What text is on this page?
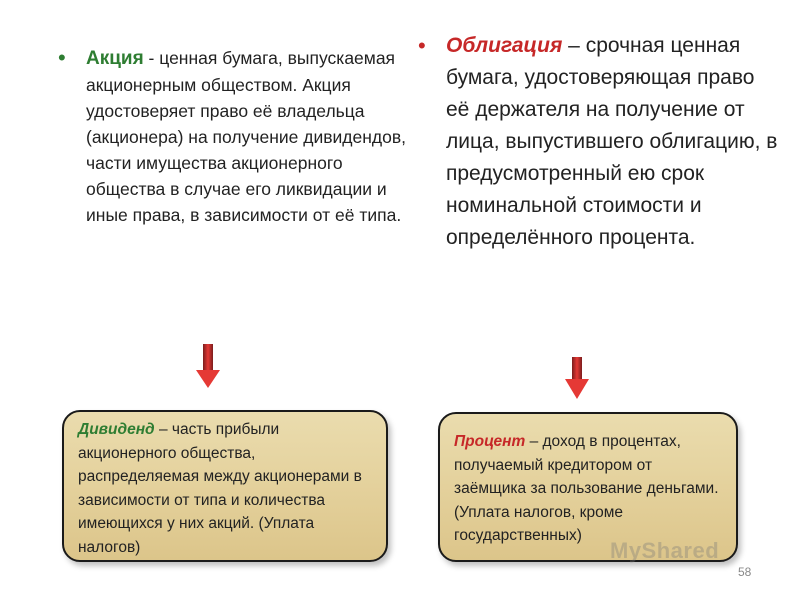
•	Акция - ценная бумага, выпускаемая акционерным обществом. Акция удостоверяет право её владельца (акционера) на получение дивидендов, части имущества акционерного общества в случае его ликвидации и иные права, в зависимости от её типа.
• Облигация – срочная ценная бумага, удостоверяющая право её держателя на получение от лица, выпустившего облигацию, в предусмотренный ею срок номинальной стоимости и определённого процента.
Дивиденд – часть прибыли акционерного общества, распределяемая между акционерами в зависимости от типа и количества имеющихся у них акций. (Уплата налогов)
Процент – доход в процентах, получаемый кредитором от заёмщика за пользование деньгами. (Уплата налогов, кроме государственных)
MyShared
58
